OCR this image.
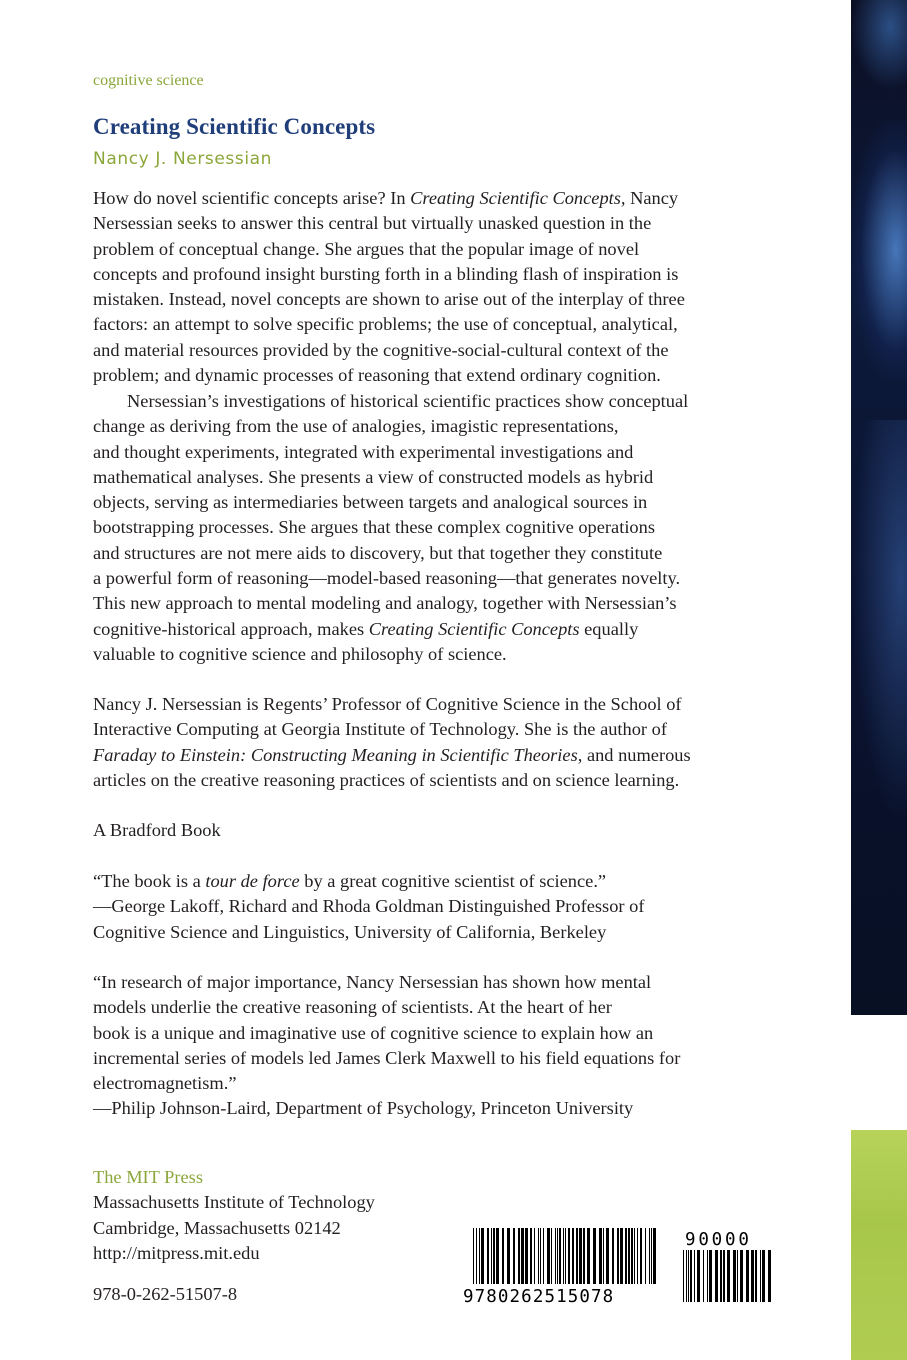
cognitive science
Creating Scientific Concepts
Nancy J. Nersessian
How do novel scientific concepts arise? In Creating Scientific Concepts, Nancy
Nersessian seeks to answer this central but virtually unasked question in the
problem of conceptual change. She argues that the popular image of novel
concepts and profound insight bursting forth in a blinding flash of inspiration is
mistaken. Instead, novel concepts are shown to arise out of the interplay of three
factors: an attempt to solve specific problems; the use of conceptual, analytical,
and material resources provided by the cognitive-social-cultural context of the
problem; and dynamic processes of reasoning that extend ordinary cognition.
Nersessian’s investigations of historical scientific practices show conceptual
change as deriving from the use of analogies, imagistic representations,
and thought experiments, integrated with experimental investigations and
mathematical analyses. She presents a view of constructed models as hybrid
objects, serving as intermediaries between targets and analogical sources in
bootstrapping processes. She argues that these complex cognitive operations
and structures are not mere aids to discovery, but that together they constitute
a powerful form of reasoning—model-based reasoning—that generates novelty.
This new approach to mental modeling and analogy, together with Nersessian’s
cognitive-historical approach, makes Creating Scientific Concepts equally
valuable to cognitive science and philosophy of science.
Nancy J. Nersessian is Regents’ Professor of Cognitive Science in the School of
Interactive Computing at Georgia Institute of Technology. She is the author of
Faraday to Einstein: Constructing Meaning in Scientific Theories, and numerous
articles on the creative reasoning practices of scientists and on science learning.
A Bradford Book
“The book is a tour de force by a great cognitive scientist of science.”
—George Lakoff, Richard and Rhoda Goldman Distinguished Professor of
Cognitive Science and Linguistics, University of California, Berkeley
“In research of major importance, Nancy Nersessian has shown how mental
models underlie the creative reasoning of scientists. At the heart of her
book is a unique and imaginative use of cognitive science to explain how an
incremental series of models led James Clerk Maxwell to his field equations for
electromagnetism.”
—Philip Johnson-Laird, Department of Psychology, Princeton University
The MIT Press
Massachusetts Institute of Technology
Cambridge, Massachusetts 02142
http://mitpress.mit.edu
978-0-262-51507-8	9780262515078
90000
